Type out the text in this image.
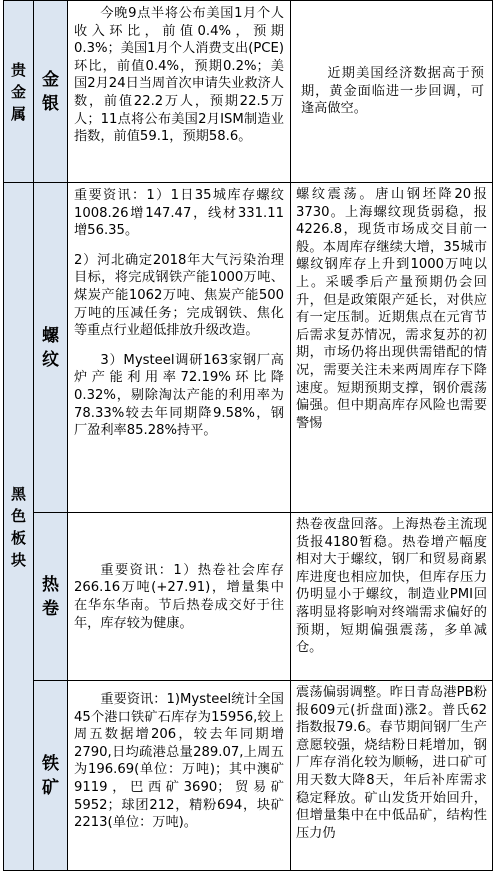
贵金属	金银	今晚9点半将公布美国1月个人收入环比，前值0.4%，预期0.3%；美国1月个人消费支出(PCE)环比，前值0.4%，预期0.2%；美国2月24日当周首次申请失业救济人数，前值22.2万人，预期22.5万人；11点将公布美国2月ISM制造业指数，前值59.1，预期58.6。	近期美国经济数据高于预期，黄金面临进一步回调，可逢高做空。

黑色板块	螺纹	重要资讯：1）1日35城库存螺纹1008.26增147.47，线材331.11增56.35。

2）河北确定2018年大气污染治理目标，将完成钢铁产能1000万吨、煤炭产能1062万吨、焦炭产能500万吨的压减任务；完成钢铁、焦化等重点行业超低排放升级改造。

3）Mysteel调研163家钢厂高炉产能利用率72.19%环比降0.32%，剔除淘汰产能的利用率为78.33%较去年同期降9.58%，钢厂盈利率85.28%持平。	螺纹震荡。唐山钢坯降20报3730。上海螺纹现货弱稳，报4226.8，现货市场成交目前一般。本周库存继续大增，35城市螺纹钢库存上升到1000万吨以上。采暖季后产量预期仍会回升，但是政策限产延长，对供应有一定压制。近期焦点在元宵节后需求复苏情况，需求复苏的初期，市场仍将出现供需错配的情况，需要关注未来两周库存下降速度。短期预期支撑，钢价震荡偏强。但中期高库存风险也需要警惕

	热卷	重要资讯：1）热卷社会库存266.16万吨(+27.91)，增量集中在华东华南。节后热卷成交好于往年，库存较为健康。	热卷夜盘回落。上海热卷主流现货报4180暂稳。热卷增产幅度相对大于螺纹，钢厂和贸易商累库进度也相应加快，但库存压力仍明显小于螺纹，制造业PMI回落明显将影响对终端需求偏好的预期，短期偏强震荡，多单减仓。

	铁矿	重要资讯：1)Mysteel统计全国45个港口铁矿石库存为15956,较上周五数据增206，较去年同期增2790,日均疏港总量289.07,上周五为196.69(单位：万吨)；其中澳矿9119，巴西矿3690；贸易矿5952；球团212，精粉694，块矿2213(单位：万吨)。	震荡偏弱调整。昨日青岛港PB粉报609元(折盘面)涨2。普氏62指数报79.6。春节期间钢厂生产意愿较强，烧结粉日耗增加，钢厂库存消化较为顺畅，进口矿可用天数大降8天，年后补库需求稳定释放。矿山发货开始回升，但增量集中在中低品矿，结构性压力仍
